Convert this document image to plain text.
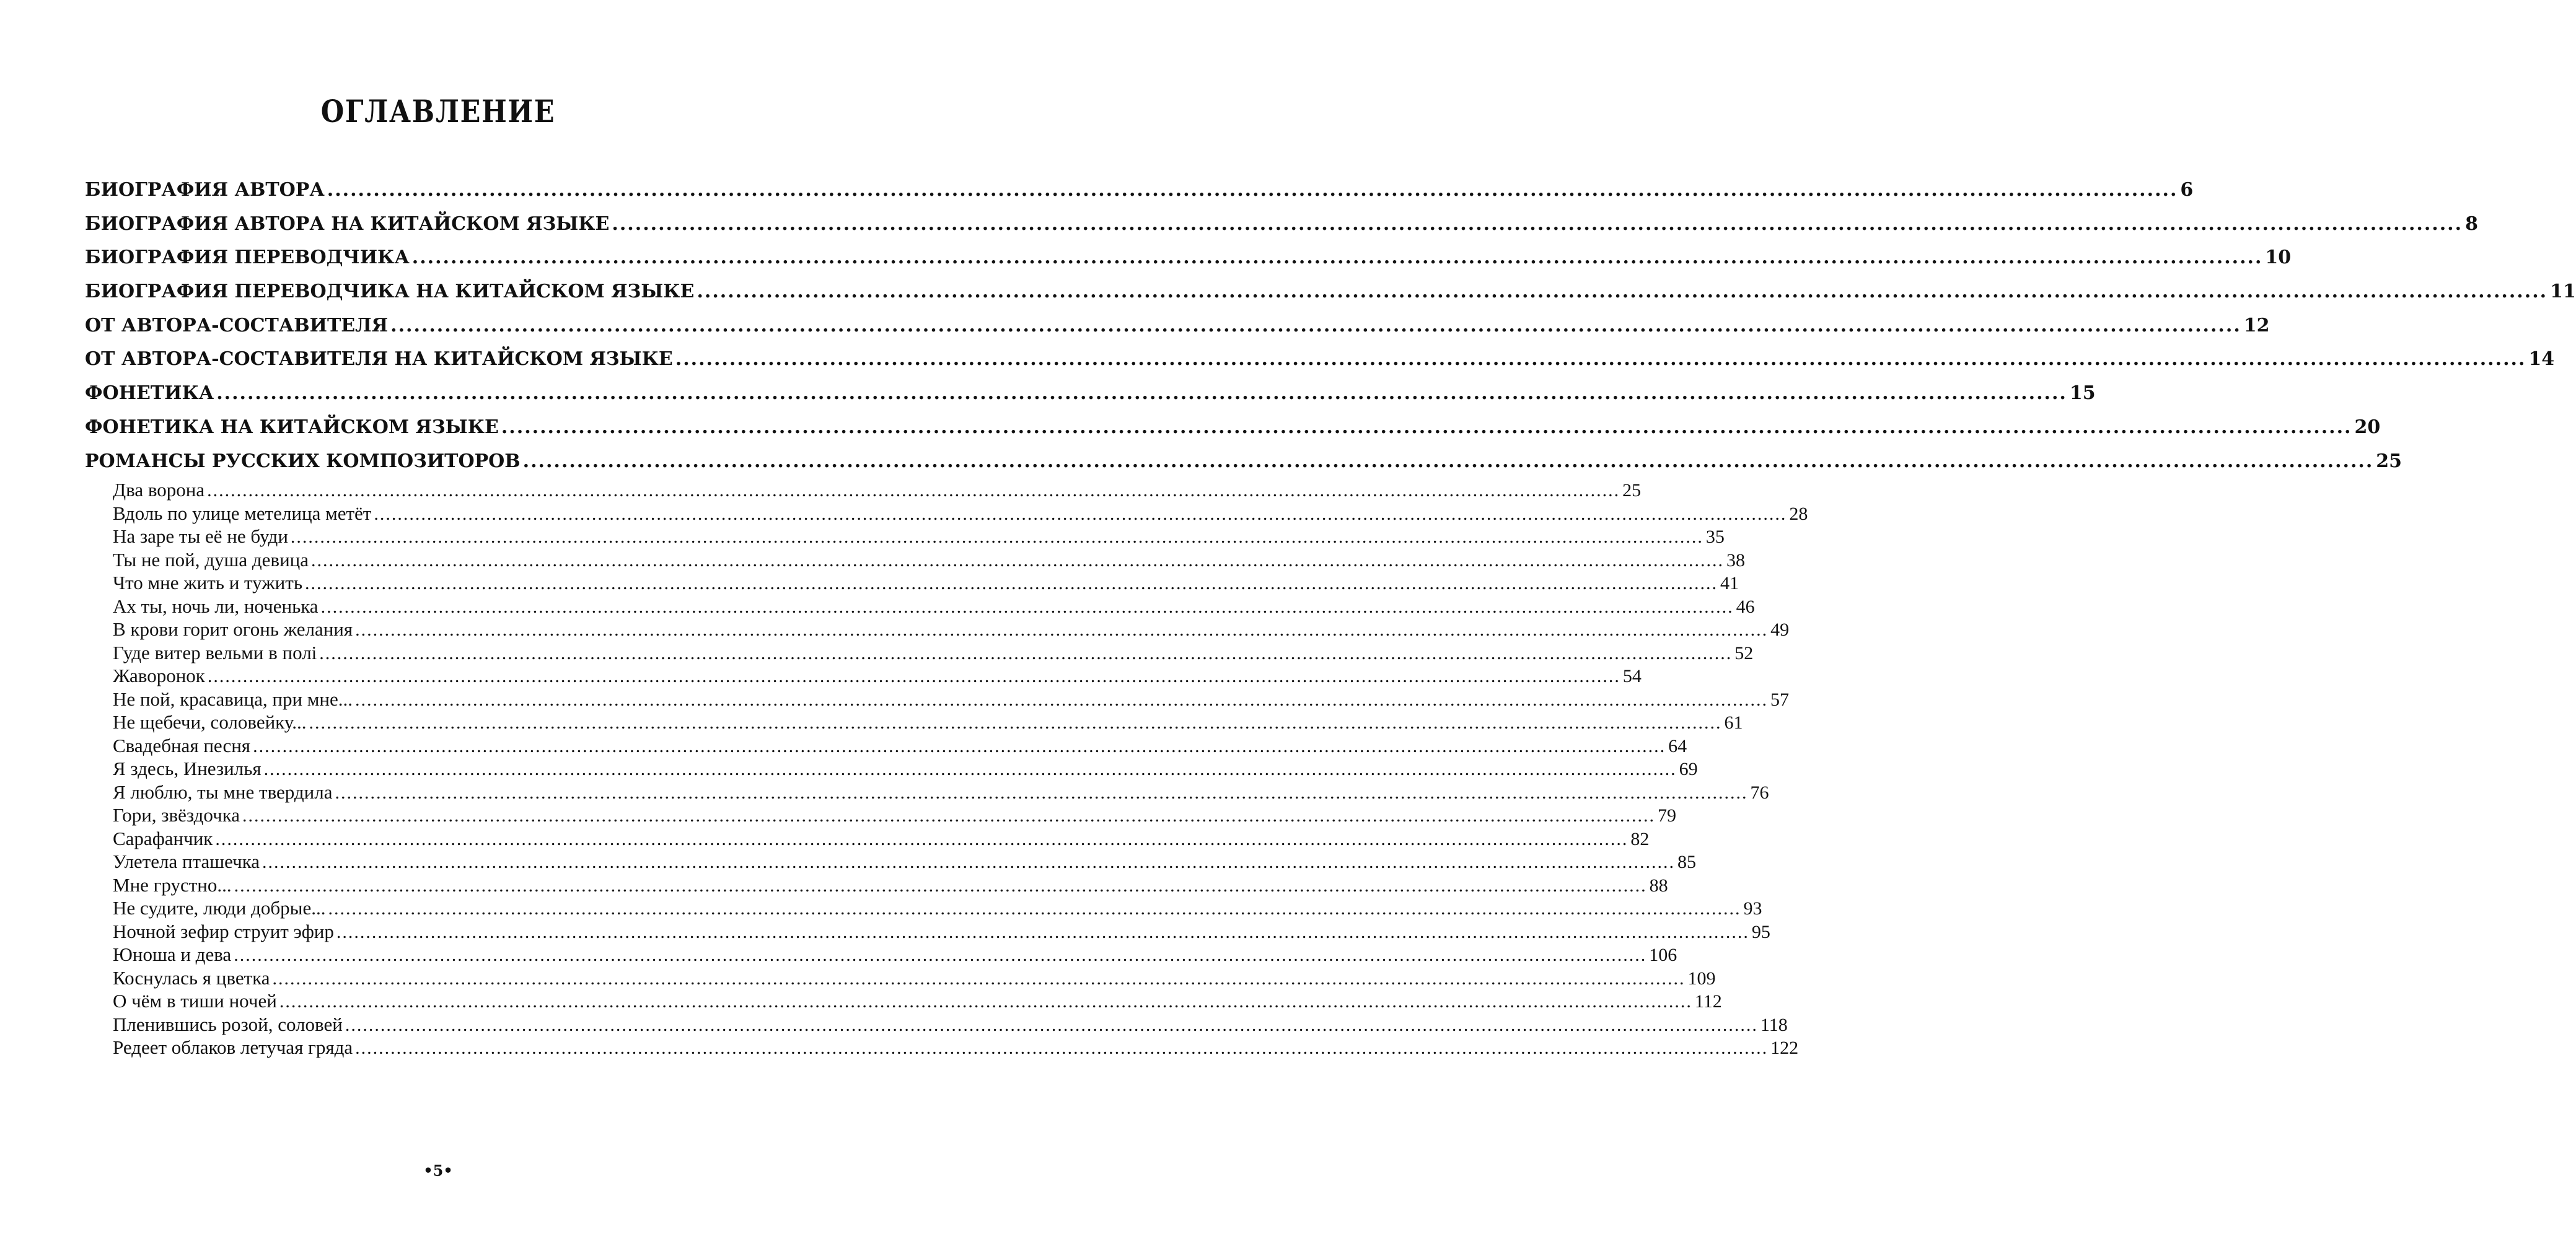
ОГЛАВЛЕНИЕ
БИОГРАФИЯ АВТОРА ................................................................................................................................................................................................................................................ 6
БИОГРАФИЯ АВТОРА НА КИТАЙСКОМ ЯЗЫКЕ ................................................................................................................................................................................................................................................ 8
БИОГРАФИЯ ПЕРЕВОДЧИКА ................................................................................................................................................................................................................................................ 10
БИОГРАФИЯ ПЕРЕВОДЧИКА НА КИТАЙСКОМ ЯЗЫКЕ ................................................................................................................................................................................................................................................ 11
ОТ АВТОРА-СОСТАВИТЕЛЯ ................................................................................................................................................................................................................................................ 12
ОТ АВТОРА-СОСТАВИТЕЛЯ НА КИТАЙСКОМ ЯЗЫКЕ ................................................................................................................................................................................................................................................ 14
ФОНЕТИКА ................................................................................................................................................................................................................................................ 15
ФОНЕТИКА НА КИТАЙСКОМ ЯЗЫКЕ ................................................................................................................................................................................................................................................ 20
РОМАНСЫ РУССКИХ КОМПОЗИТОРОВ ................................................................................................................................................................................................................................................ 25
Два ворона ................................................................................................................................................................................................................................................ 25
Вдоль по улице метелица метёт ................................................................................................................................................................................................................................................ 28
На заре ты её не буди ................................................................................................................................................................................................................................................ 35
Ты не пой, душа девица ................................................................................................................................................................................................................................................ 38
Что мне жить и тужить ................................................................................................................................................................................................................................................ 41
Ах ты, ночь ли, ноченька ................................................................................................................................................................................................................................................ 46
В крови горит огонь желания ................................................................................................................................................................................................................................................ 49
Гуде витер вельми в полі ................................................................................................................................................................................................................................................ 52
Жаворонок ................................................................................................................................................................................................................................................ 54
Не пой, красавица, при мне... ................................................................................................................................................................................................................................................ 57
Не щебечи, соловейку... ................................................................................................................................................................................................................................................ 61
Свадебная песня ................................................................................................................................................................................................................................................ 64
Я здесь, Инезилья ................................................................................................................................................................................................................................................ 69
Я люблю, ты мне твердила ................................................................................................................................................................................................................................................ 76
Гори, звёздочка ................................................................................................................................................................................................................................................ 79
Сарафанчик ................................................................................................................................................................................................................................................ 82
Улетела пташечка ................................................................................................................................................................................................................................................ 85
Мне грустно... ................................................................................................................................................................................................................................................ 88
Не судите, люди добрые... ................................................................................................................................................................................................................................................ 93
Ночной зефир струит эфир ................................................................................................................................................................................................................................................ 95
Юноша и дева ................................................................................................................................................................................................................................................ 106
Коснулась я цветка ................................................................................................................................................................................................................................................ 109
О чём в тиши ночей ................................................................................................................................................................................................................................................ 112
Пленившись розой, соловей ................................................................................................................................................................................................................................................ 118
Редеет облаков летучая гряда ................................................................................................................................................................................................................................................ 122
•5•
